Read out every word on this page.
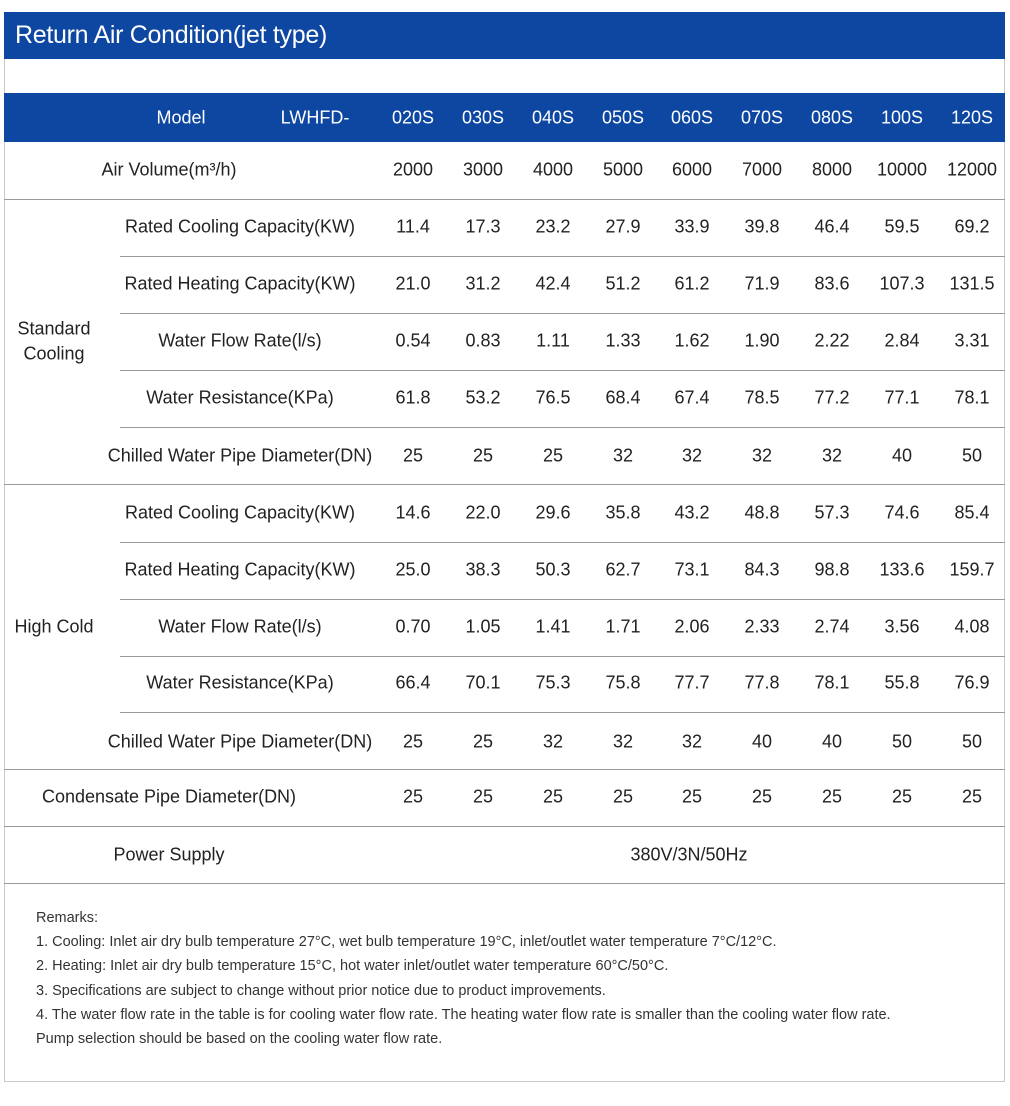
Return Air Condition(jet type)
Model	LWHFD- 020S 030S 040S 050S 060S 070S 080S 100S 120S
Air Volume(m³/h)	2000 3000 4000 5000 6000 7000 8000 10000 12000
Standard
Cooling
Rated Cooling Capacity(KW) 11.4 17.3 23.2 27.9 33.9 39.8 46.4 59.5 69.2
Rated Heating Capacity(KW) 21.0 31.2 42.4 51.2 61.2 71.9 83.6 107.3 131.5
Water Flow Rate(l/s)	0.54 0.83 1.11 1.33 1.62 1.90 2.22 2.84 3.31
Water Resistance(KPa)	61.8 53.2 76.5 68.4 67.4 78.5 77.2 77.1 78.1
Chilled Water Pipe Diameter(DN) 25	25	25	32	32	32	32	40	50
High Cold
Rated Cooling Capacity(KW) 14.6 22.0 29.6 35.8 43.2 48.8 57.3 74.6 85.4
Rated Heating Capacity(KW) 25.0 38.3 50.3 62.7 73.1 84.3 98.8 133.6 159.7
Water Flow Rate(l/s)	0.70 1.05 1.41 1.71 2.06 2.33 2.74 3.56 4.08
Water Resistance(KPa)	66.4 70.1 75.3 75.8 77.7 77.8 78.1 55.8 76.9
Chilled Water Pipe Diameter(DN) 25	25	32	32	32	40	40	50	50
Condensate Pipe Diameter(DN)	25	25	25	25	25	25	25	25	25
Power Supply	380V/3N/50Hz
Remarks:
1. Cooling: Inlet air dry bulb temperature 27°C, wet bulb temperature 19°C, inlet/outlet water temperature 7°C/12°C.
2. Heating: Inlet air dry bulb temperature 15°C, hot water inlet/outlet water temperature 60°C/50°C.
3. Specifications are subject to change without prior notice due to product improvements.
4. The water flow rate in the table is for cooling water flow rate. The heating water flow rate is smaller than the cooling water flow rate.
Pump selection should be based on the cooling water flow rate.
